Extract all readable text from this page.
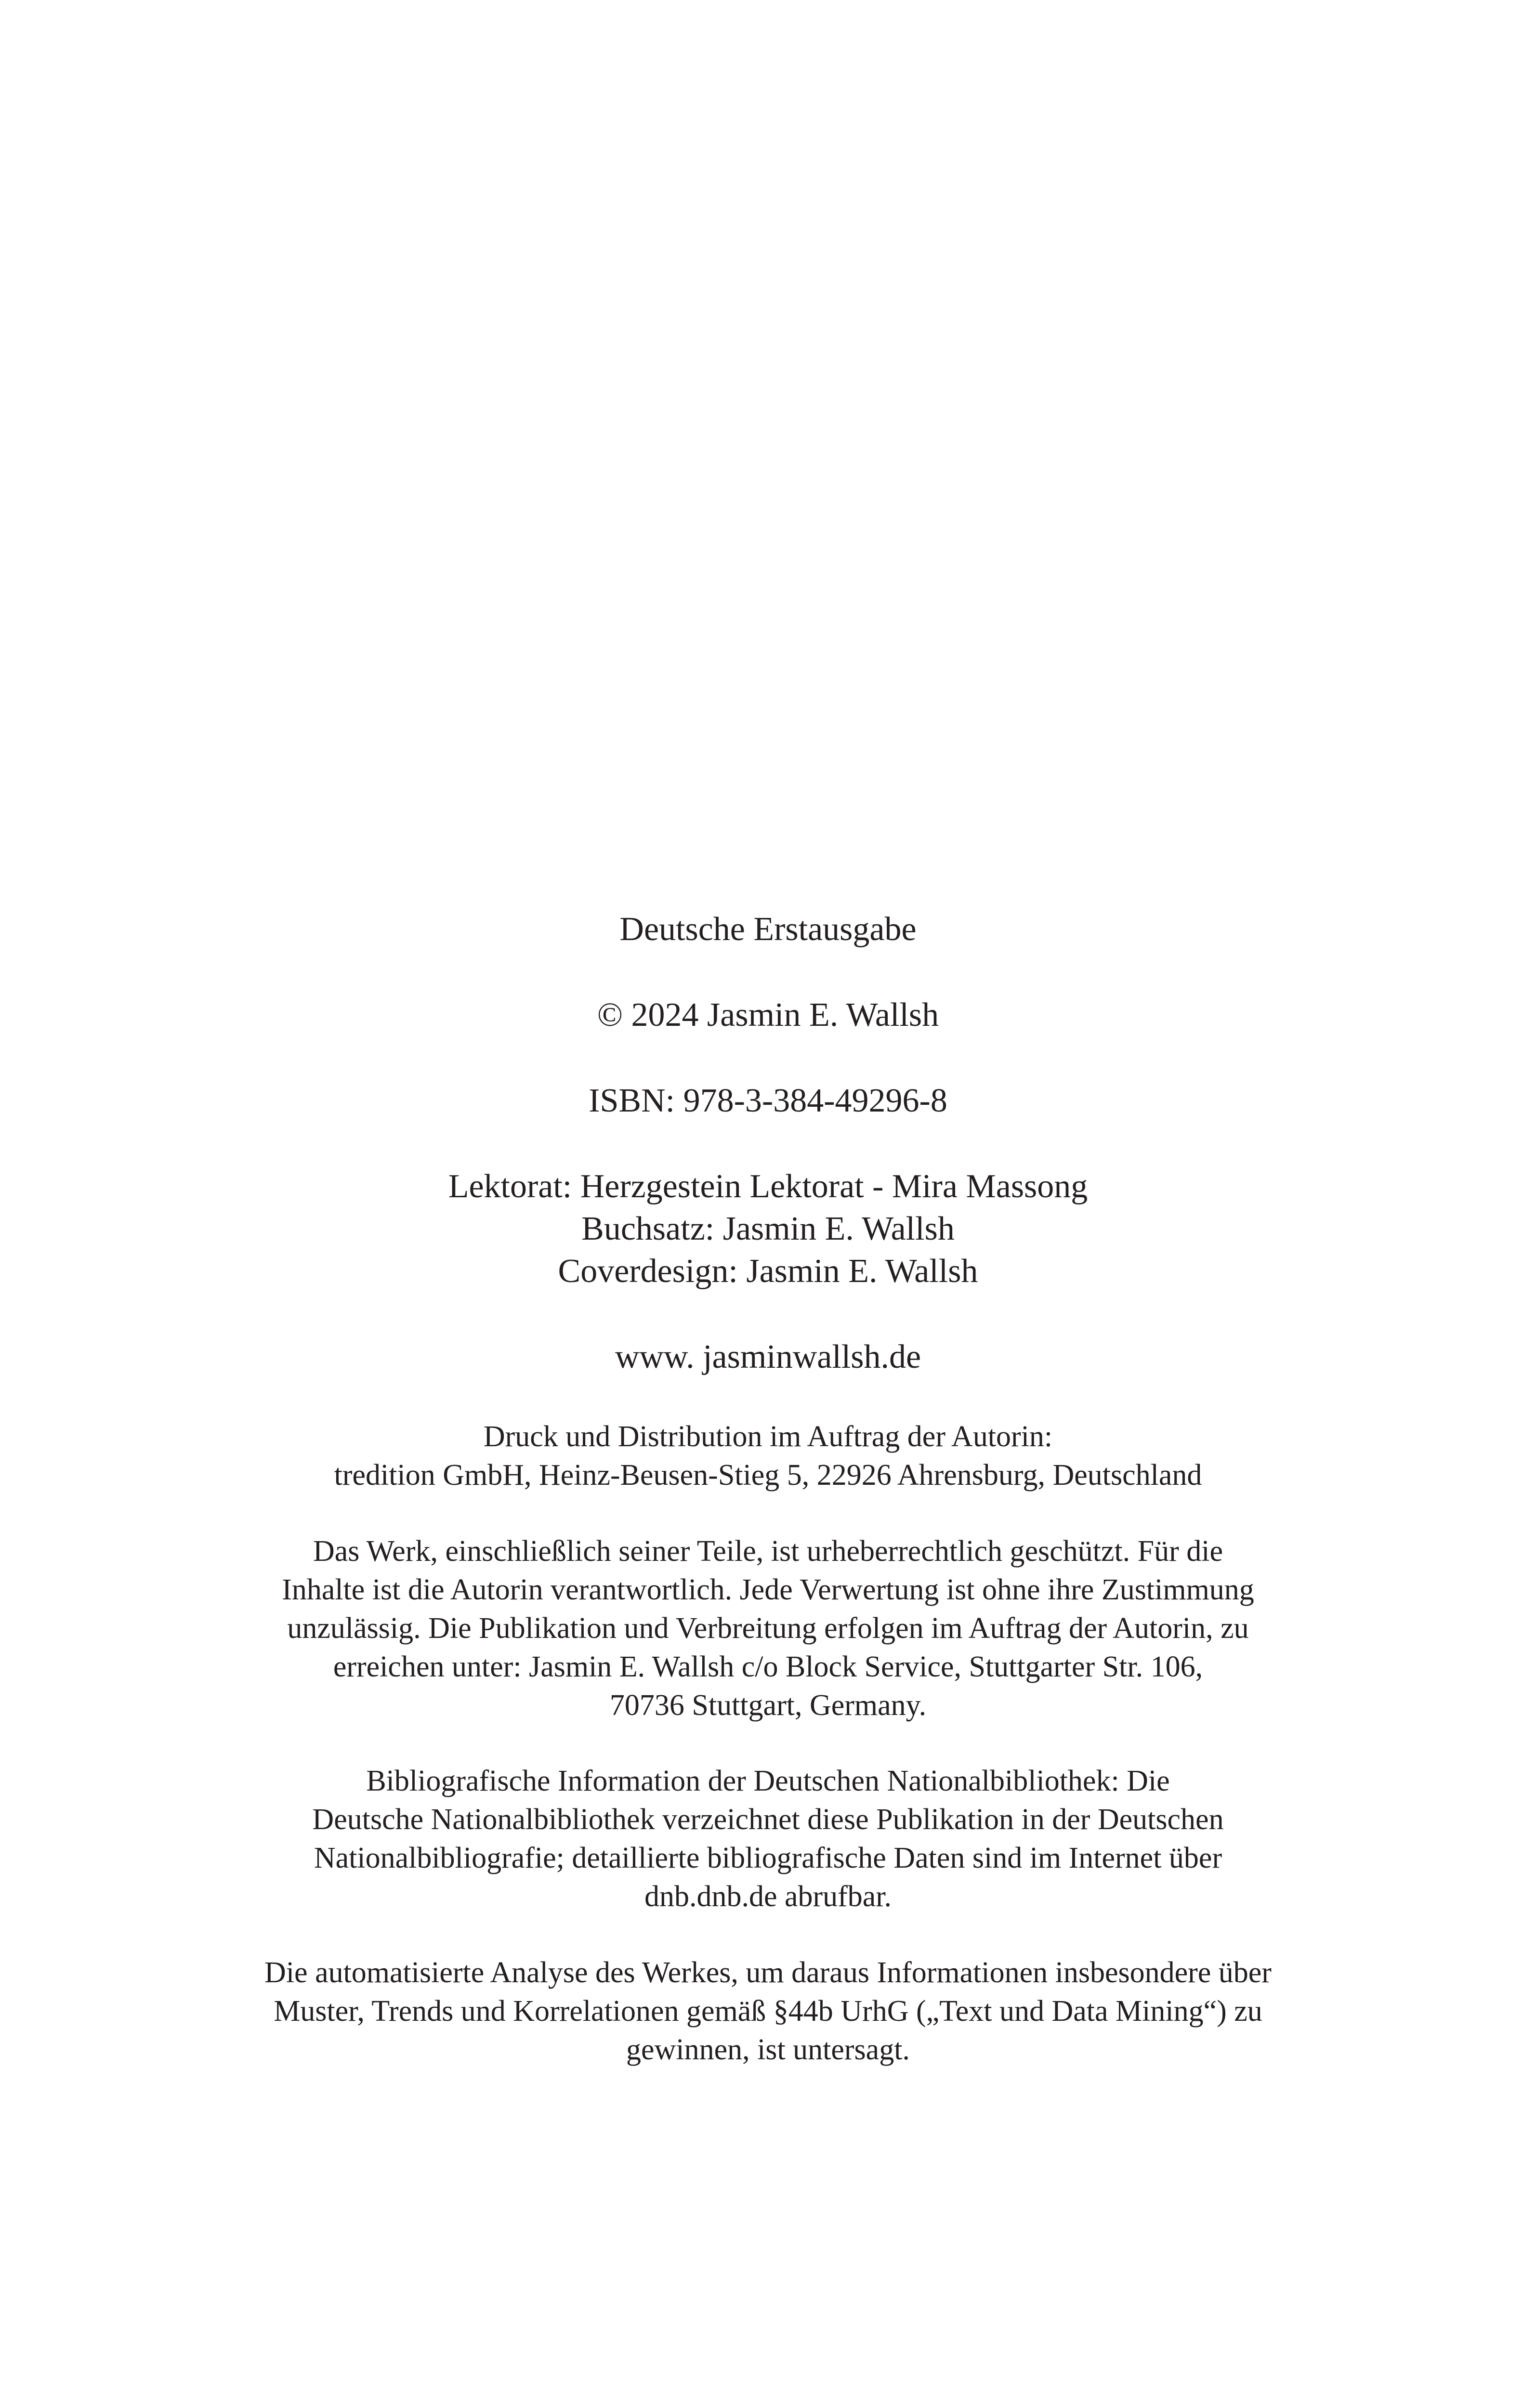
Deutsche Erstausgabe
© 2024 Jasmin E. Wallsh
ISBN: 978-3-384-49296-8
Lektorat: Herzgestein Lektorat - Mira Massong
Buchsatz: Jasmin E. Wallsh
Coverdesign: Jasmin E. Wallsh
www. jasminwallsh.de
Druck und Distribution im Auftrag der Autorin:
tredition GmbH, Heinz-Beusen-Stieg 5, 22926 Ahrensburg, Deutschland
Das Werk, einschließlich seiner Teile, ist urheberrechtlich geschützt. Für die
Inhalte ist die Autorin verantwortlich. Jede Verwertung ist ohne ihre Zustimmung
unzulässig. Die Publikation und Verbreitung erfolgen im Auftrag der Autorin, zu
erreichen unter: Jasmin E. Wallsh c/o Block Service, Stuttgarter Str. 106,
70736 Stuttgart, Germany.
Bibliografische Information der Deutschen Nationalbibliothek: Die
Deutsche Nationalbibliothek verzeichnet diese Publikation in der Deutschen
Nationalbibliografie; detaillierte bibliografische Daten sind im Internet über
dnb.dnb.de abrufbar.
Die automatisierte Analyse des Werkes, um daraus Informationen insbesondere über
Muster, Trends und Korrelationen gemäß §44b UrhG („Text und Data Mining“) zu
gewinnen, ist untersagt.
